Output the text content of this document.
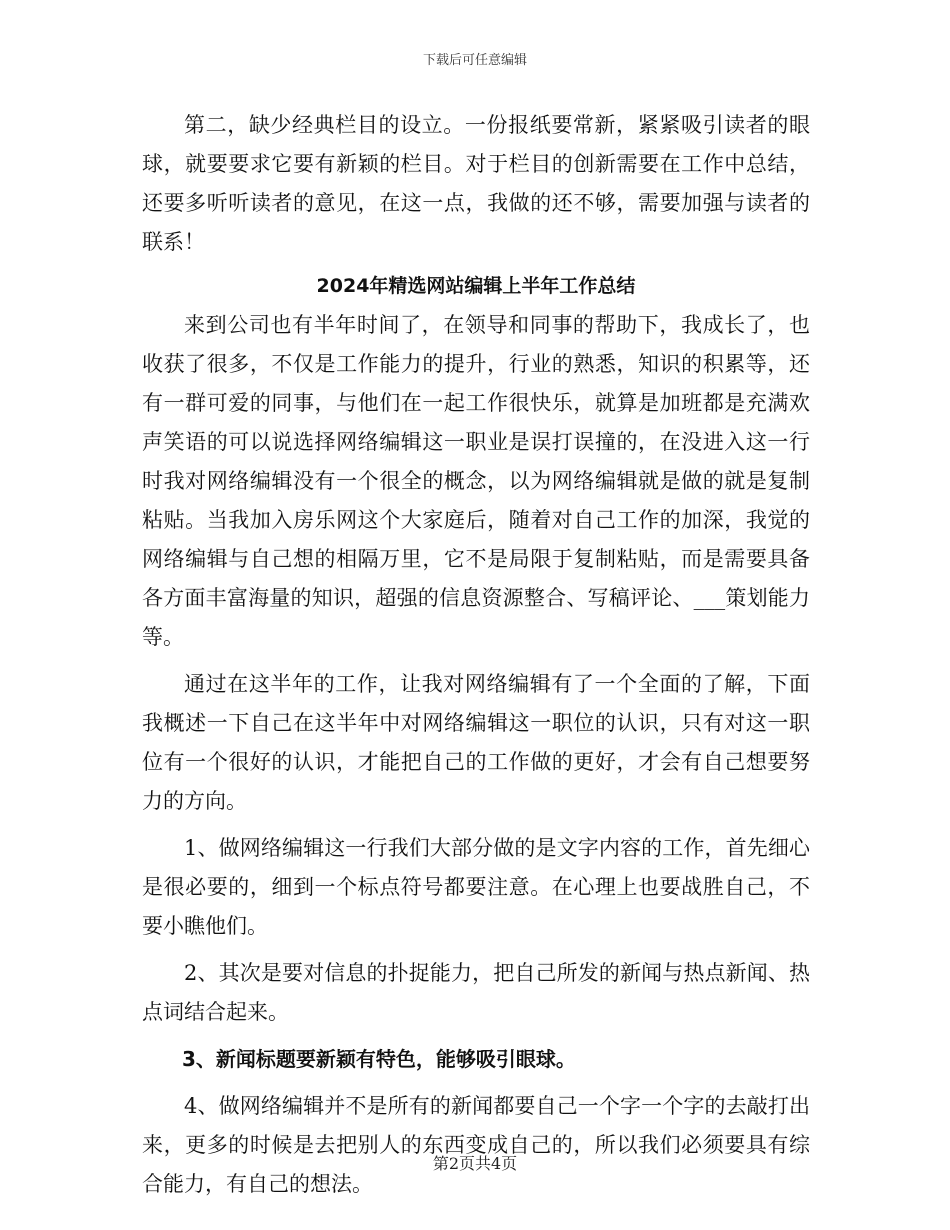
下载后可任意编辑

第二，缺少经典栏目的设立。一份报纸要常新，紧紧吸引读者的眼球，就要要求它要有新颖的栏目。对于栏目的创新需要在工作中总结，还要多听听读者的意见，在这一点，我做的还不够，需要加强与读者的联系！

2024年精选网站编辑上半年工作总结

来到公司也有半年时间了，在领导和同事的帮助下，我成长了，也收获了很多，不仅是工作能力的提升，行业的熟悉，知识的积累等，还有一群可爱的同事，与他们在一起工作很快乐，就算是加班都是充满欢声笑语的可以说选择网络编辑这一职业是误打误撞的，在没进入这一行时我对网络编辑没有一个很全的概念，以为网络编辑就是做的就是复制粘贴。当我加入房乐网这个大家庭后，随着对自己工作的加深，我觉的网络编辑与自己想的相隔万里，它不是局限于复制粘贴，而是需要具备各方面丰富海量的知识，超强的信息资源整合、写稿评论、___策划能力等。

通过在这半年的工作，让我对网络编辑有了一个全面的了解，下面我概述一下自己在这半年中对网络编辑这一职位的认识，只有对这一职位有一个很好的认识，才能把自己的工作做的更好，才会有自己想要努力的方向。

1、做网络编辑这一行我们大部分做的是文字内容的工作，首先细心是很必要的，细到一个标点符号都要注意。在心理上也要战胜自己，不要小瞧他们。

2、其次是要对信息的扑捉能力，把自己所发的新闻与热点新闻、热点词结合起来。

3、新闻标题要新颖有特色，能够吸引眼球。

4、做网络编辑并不是所有的新闻都要自己一个字一个字的去敲打出来，更多的时候是去把别人的东西变成自己的，所以我们必须要具有综合能力，有自己的想法。

第2页共4页
